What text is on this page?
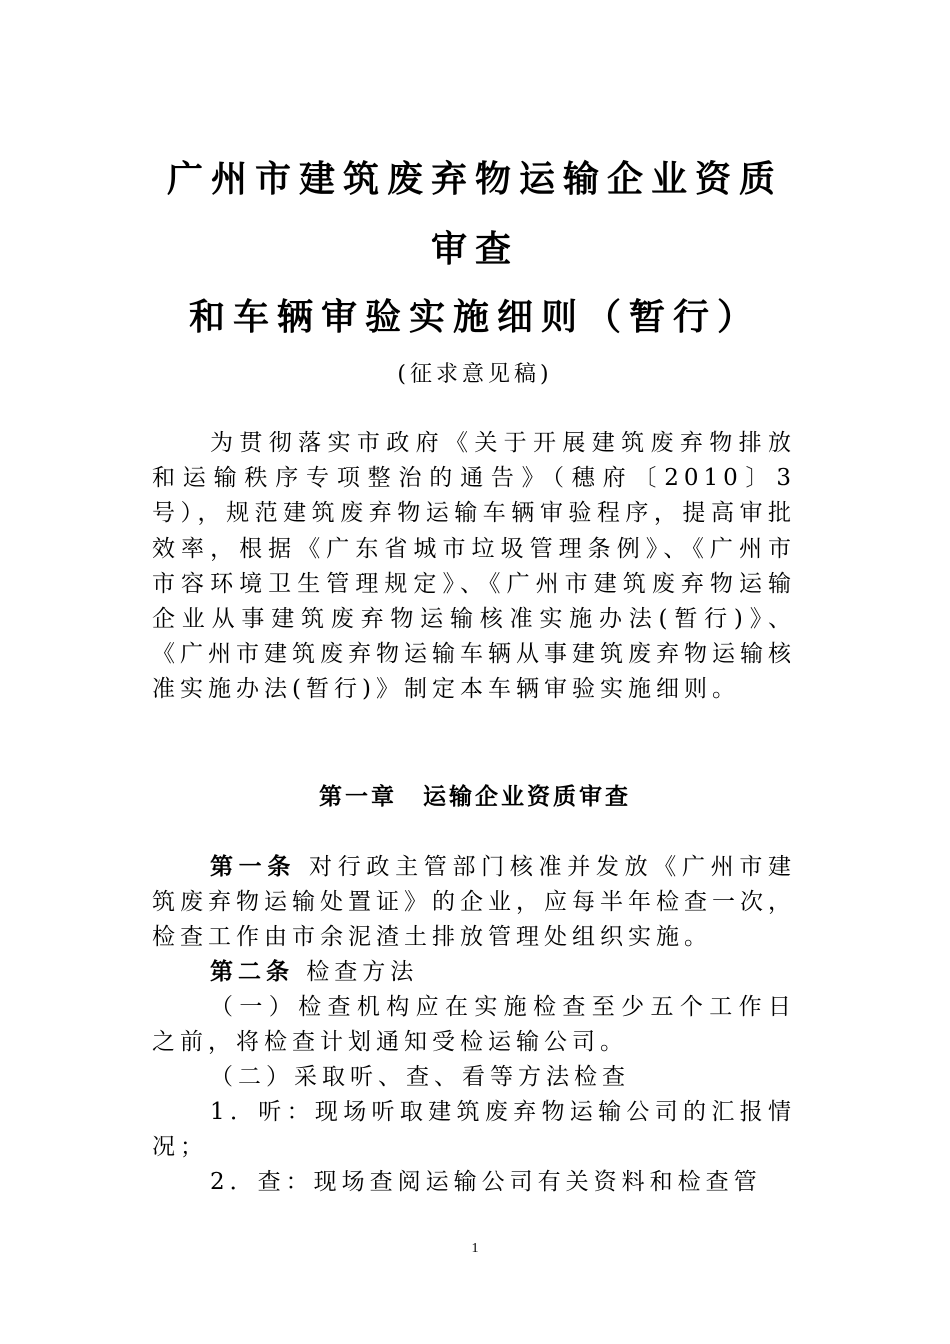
广州市建筑废弃物运输企业资质
审查
和车辆审验实施细则（暂行）
(征求意见稿)
为贯彻落实市政府《关于开展建筑废弃物排放和运输秩序专项整治的通告》（穗府〔2010〕3号），规范建筑废弃物运输车辆审验程序，提高审批效率，根据《广东省城市垃圾管理条例》、《广州市市容环境卫生管理规定》、《广州市建筑废弃物运输企业从事建筑废弃物运输核准实施办法(暂行)》、《广州市建筑废弃物运输车辆从事建筑废弃物运输核准实施办法(暂行)》制定本车辆审验实施细则。
第一章　运输企业资质审查
第一条 对行政主管部门核准并发放《广州市建筑废弃物运输处置证》的企业，应每半年检查一次，检查工作由市余泥渣土排放管理处组织实施。
第二条 检查方法
（一）检查机构应在实施检查至少五个工作日之前，将检查计划通知受检运输公司。
（二）采取听、查、看等方法检查
1．听：现场听取建筑废弃物运输公司的汇报情况；
2．查：现场查阅运输公司有关资料和检查管
1
